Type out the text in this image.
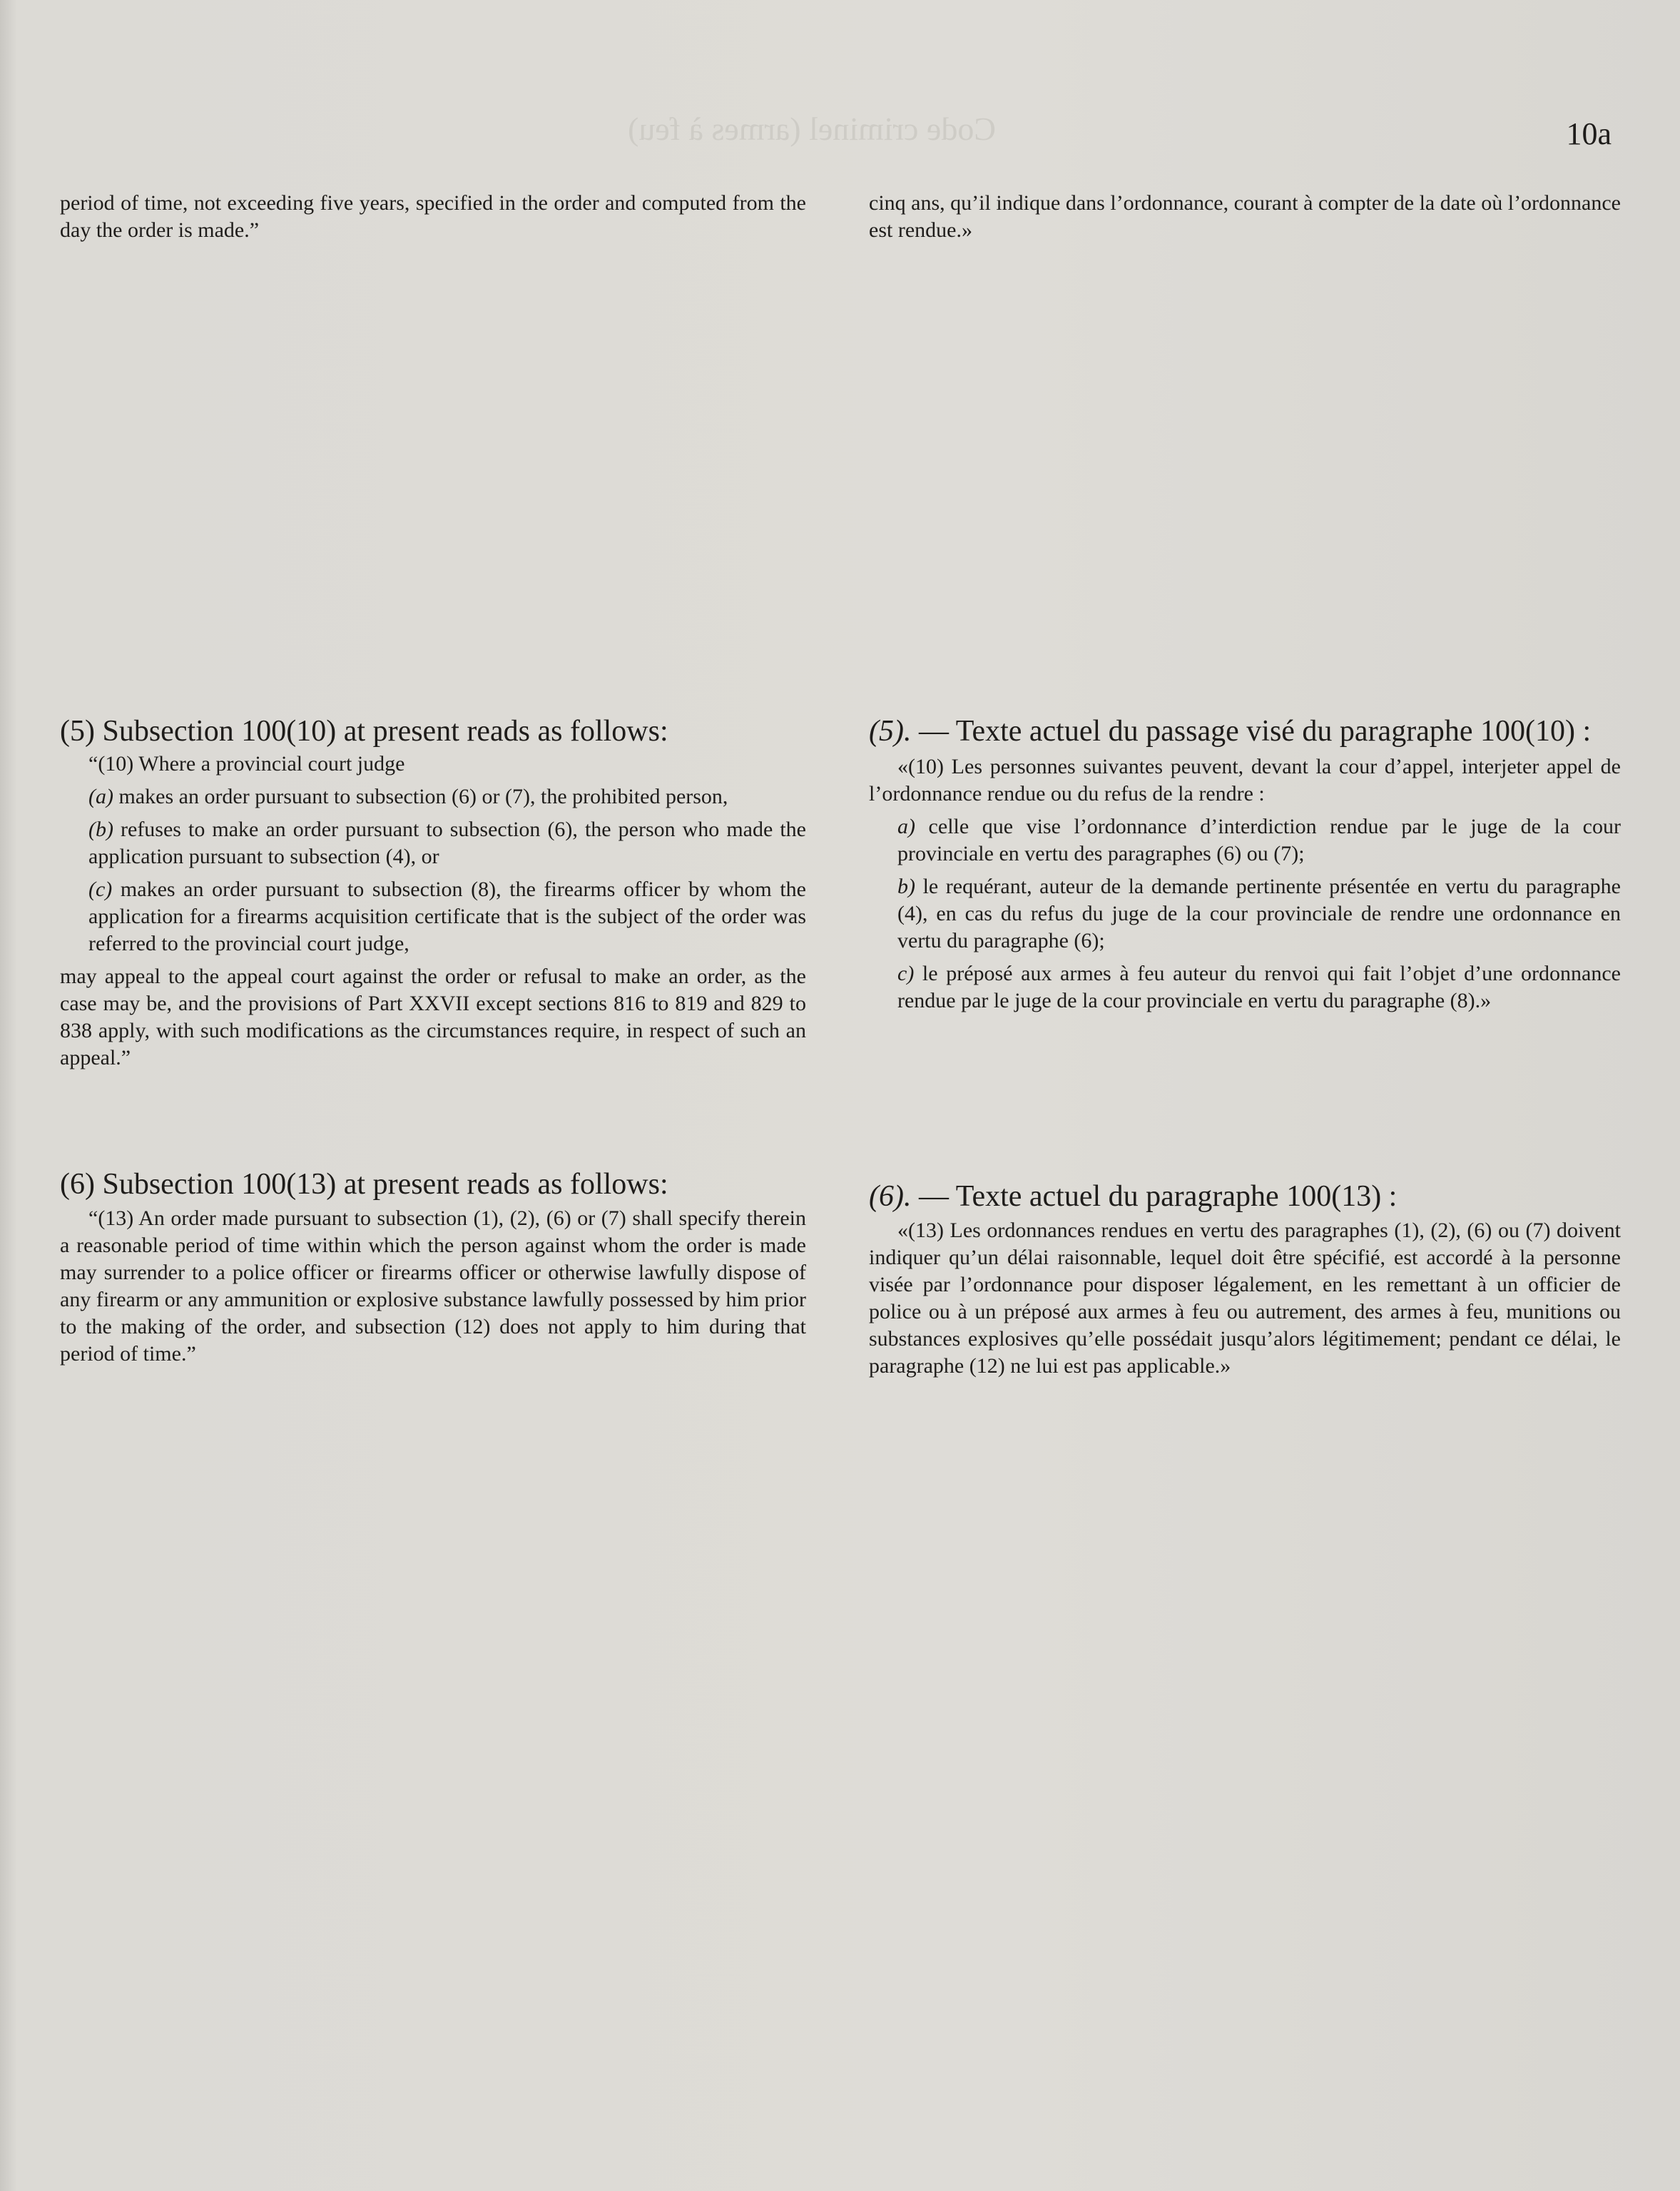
Code criminel (armes à feu)	10a

period of time, not exceeding five years, specified in the order and computed from the day the order is made.”

(5) Subsection 100(10) at present reads as follows:

“(10) Where a provincial court judge

(a) makes an order pursuant to subsection (6) or (7), the prohibited person,

(b) refuses to make an order pursuant to subsection (6), the person who made the application pursuant to subsection (4), or

(c) makes an order pursuant to subsection (8), the firearms officer by whom the application for a firearms acquisition certificate that is the subject of the order was referred to the provincial court judge,

may appeal to the appeal court against the order or refusal to make an order, as the case may be, and the provisions of Part XXVII except sections 816 to 819 and 829 to 838 apply, with such modifications as the circumstances require, in respect of such an appeal.”

(6) Subsection 100(13) at present reads as follows:

“(13) An order made pursuant to subsection (1), (2), (6) or (7) shall specify therein a reasonable period of time within which the person against whom the order is made may surrender to a police officer or firearms officer or otherwise lawfully dispose of any firearm or any ammunition or explosive substance lawfully possessed by him prior to the making of the order, and subsection (12) does not apply to him during that period of time.”

cinq ans, qu’il indique dans l’ordonnance, courant à compter de la date où l’ordonnance est rendue.»

(5). — Texte actuel du passage visé du paragraphe 100(10) :

«(10) Les personnes suivantes peuvent, devant la cour d’appel, interjeter appel de l’ordonnance rendue ou du refus de la rendre :

a) celle que vise l’ordonnance d’interdiction rendue par le juge de la cour provinciale en vertu des paragraphes (6) ou (7);

b) le requérant, auteur de la demande pertinente présentée en vertu du paragraphe (4), en cas du refus du juge de la cour provinciale de rendre une ordonnance en vertu du paragraphe (6);

c) le préposé aux armes à feu auteur du renvoi qui fait l’objet d’une ordonnance rendue par le juge de la cour provinciale en vertu du paragraphe (8).»

(6). — Texte actuel du paragraphe 100(13) :

«(13) Les ordonnances rendues en vertu des paragraphes (1), (2), (6) ou (7) doivent indiquer qu’un délai raisonnable, lequel doit être spécifié, est accordé à la personne visée par l’ordonnance pour disposer légalement, en les remettant à un officier de police ou à un préposé aux armes à feu ou autrement, des armes à feu, munitions ou substances explosives qu’elle possédait jusqu’alors légitimement; pendant ce délai, le paragraphe (12) ne lui est pas applicable.»
